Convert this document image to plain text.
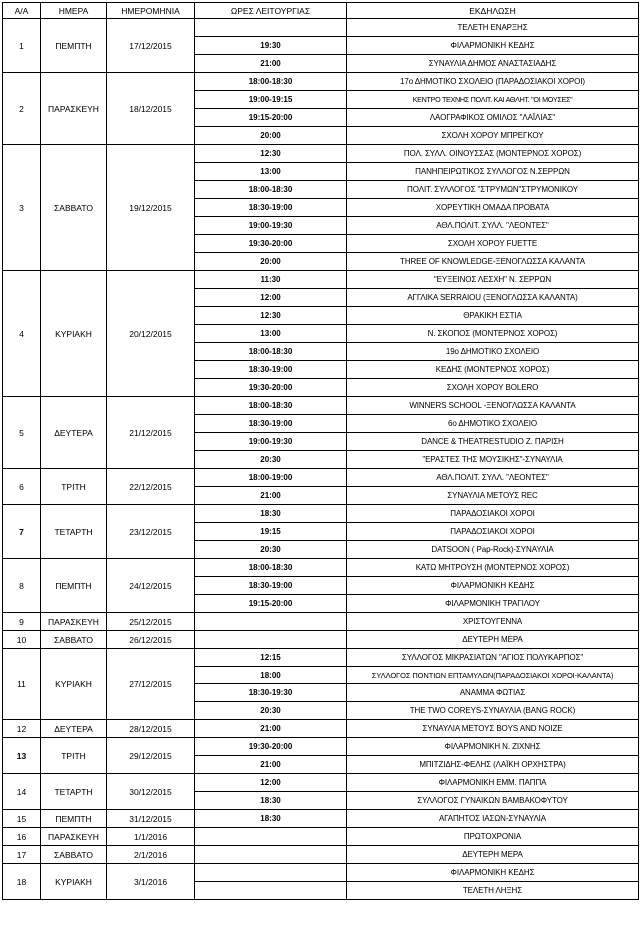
Α/Α	ΗΜΕΡΑ	ΗΜΕΡΟΜΗΝΙΑ	ΩΡΕΣ ΛΕΙΤΟΥΡΓΙΑΣ	ΕΚΔΗΛΩΣΗ
1	ΠΕΜΠΤΗ	17/12/2015		ΤΕΛΕΤΗ ΕΝΑΡΞΗΣ
			19:30	ΦΙΛΑΡΜΟΝΙΚΗ ΚΕΔΗΣ
			21:00	ΣΥΝΑΥΛΙΑ ΔΗΜΟΣ ΑΝΑΣΤΑΣΙΑΔΗΣ
2	ΠΑΡΑΣΚΕΥΗ	18/12/2015	18:00-18:30	17ο ΔΗΜΟΤΙΚΟ ΣΧΟΛΕΙΟ (ΠΑΡΑΔΟΣΙΑΚΟΙ ΧΟΡΟΙ)
			19:00-19:15	ΚΕΝΤΡΟ ΤΕΧΝΗΣ ΠΟΛΙΤ. ΚΑΙ ΑΘΛΗΤ. "ΟΙ ΜΟΥΣΕΣ"
			19:15-20:00	ΛΑΟΓΡΑΦΙΚΟΣ ΟΜΙΛΟΣ "ΛΑΪΛΙΑΣ"
			20:00	ΣΧΟΛΗ ΧΟΡΟΥ ΜΠΡΕΓΚΟΥ
3	ΣΑΒΒΑΤΟ	19/12/2015	12:30	ΠΟΛ. ΣΥΛΛ. ΟΙΝΟΥΣΣΑΣ (ΜΟΝΤΕΡΝΟΣ ΧΟΡΟΣ)
			13:00	ΠΑΝΗΠΕΙΡΩΤΙΚΟΣ ΣΥΛΛΟΓΟΣ Ν.ΣΕΡΡΩΝ
			18:00-18:30	ΠΟΛΙΤ. ΣΥΛΛΟΓΟΣ "ΣΤΡΥΜΩΝ"ΣΤΡΥΜΟΝΙΚΟΥ
			18:30-19:00	ΧΟΡΕΥΤΙΚΗ ΟΜΑΔΑ ΠΡΟΒΑΤΑ
			19:00-19:30	ΑΘΛ.ΠΟΛΙΤ. ΣΥΛΛ. "ΛΕΟΝΤΕΣ"
			19:30-20:00	ΣΧΟΛΗ ΧΟΡΟΥ FUETTE
			20:00	THREE OF KNOWLEDGE-ΞΕΝΟΓΛΩΣΣΑ ΚΑΛΑΝΤΑ
4	ΚΥΡΙΑΚΗ	20/12/2015	11:30	"ΕΥΞΕΙΝΟΣ ΛΕΣΧΗ" Ν. ΣΕΡΡΩΝ
			12:00	ΑΓΓΛΙΚΑ SERRAIOU (ΞΕΝΟΓΛΩΣΣΑ ΚΑΛΑΝΤΑ)
			12:30	ΘΡΑΚΙΚΗ ΕΣΤΙΑ
			13:00	Ν. ΣΚΟΠΟΣ (ΜΟΝΤΕΡΝΟΣ ΧΟΡΟΣ)
			18:00-18:30	19ο ΔΗΜΟΤΙΚΟ ΣΧΟΛΕΙΟ
			18:30-19:00	ΚΕΔΗΣ (ΜΟΝΤΕΡΝΟΣ ΧΟΡΟΣ)
			19:30-20:00	ΣΧΟΛΗ ΧΟΡΟΥ BOLERO
5	ΔΕΥΤΕΡΑ	21/12/2015	18:00-18:30	WINNERS SCHOOL -ΞΕΝΟΓΛΩΣΣΑ ΚΑΛΑΝΤΑ
			18:30-19:00	6ο ΔΗΜΟΤΙΚΟ ΣΧΟΛΕΙΟ
			19:00-19:30	DANCE & THEATRESTUDIO Ζ. ΠΑΡΙΣΗ
			20:30	"ΕΡΑΣΤΕΣ ΤΗΣ ΜΟΥΣΙΚΗΣ"-ΣΥΝΑΥΛΙΑ
6	ΤΡΙΤΗ	22/12/2015	18:00-19:00	ΑΘΛ.ΠΟΛΙΤ. ΣΥΛΛ. "ΛΕΟΝΤΕΣ"
			21:00	ΣΥΝΑΥΛΙΑ ΜΕΤΟΥΣ REC
7	ΤΕΤΑΡΤΗ	23/12/2015	18:30	ΠΑΡΑΔΟΣΙΑΚΟΙ ΧΟΡΟΙ
			19:15	ΠΑΡΑΔΟΣΙΑΚΟΙ ΧΟΡΟΙ
			20:30	DATSOON ( Pap-Rock)-ΣΥΝΑΥΛΙΑ
8	ΠΕΜΠΤΗ	24/12/2015	18:00-18:30	ΚΑΤΩ ΜΗΤΡΟΥΣΗ (ΜΟΝΤΕΡΝΟΣ ΧΟΡΟΣ)
			18:30-19:00	ΦΙΛΑΡΜΟΝΙΚΗ ΚΕΔΗΣ
			19:15-20:00	ΦΙΛΑΡΜΟΝΙΚΗ ΤΡΑΓΙΛΟΥ
9	ΠΑΡΑΣΚΕΥΗ	25/12/2015		ΧΡΙΣΤΟΥΓΕΝΝΑ
10	ΣΑΒΒΑΤΟ	26/12/2015		ΔΕΥΤΕΡΗ ΜΕΡΑ
11	ΚΥΡΙΑΚΗ	27/12/2015	12:15	ΣΥΛΛΟΓΟΣ ΜΙΚΡΑΣΙΑΤΩΝ "ΑΓΙΟΣ ΠΟΛΥΚΑΡΠΟΣ"
			18:00	ΣΥΛΛΟΓΟΣ ΠΟΝΤΙΩΝ ΕΠΤΑΜΥΛΩΝ(ΠΑΡΑΔΟΣΙΑΚΟΙ ΧΟΡΟΙ-ΚΑΛΑΝΤΑ)
			18:30-19:30	ΑΝΑΜΜΑ ΦΩΤΙΑΣ
			20:30	THE TWO COREYS-ΣΥΝΑΥΛΙΑ (BANG ROCK)
12	ΔΕΥΤΕΡΑ	28/12/2015	21:00	ΣΥΝΑΥΛΙΑ ΜΕΤΟΥΣ BOYS AND NOIZE
13	ΤΡΙΤΗ	29/12/2015	19:30-20:00	ΦΙΛΑΡΜΟΝΙΚΗ Ν. ΖΙΧΝΗΣ
			21:00	ΜΠΙΤΖΙΔΗΣ-ΦΕΛΗΣ (ΛΑΪΚΗ ΟΡΧΗΣΤΡΑ)
14	ΤΕΤΑΡΤΗ	30/12/2015	12:00	ΦΙΛΑΡΜΟΝΙΚΗ ΕΜΜ. ΠΑΠΠΑ
			18:30	ΣΥΛΛΟΓΟΣ ΓΥΝΑΙΚΩΝ ΒΑΜΒΑΚΟΦΥΤΟΥ
15	ΠΕΜΠΤΗ	31/12/2015	18:30	ΑΓΑΠΗΤΟΣ ΙΑΣΩΝ-ΣΥΝΑΥΛΙΑ
16	ΠΑΡΑΣΚΕΥΗ	1/1/2016		ΠΡΩΤΟΧΡΟΝΙΑ
17	ΣΑΒΒΑΤΟ	2/1/2016		ΔΕΥΤΕΡΗ ΜΕΡΑ
18	ΚΥΡΙΑΚΗ	3/1/2016		ΦΙΛΑΡΜΟΝΙΚΗ ΚΕΔΗΣ
				ΤΕΛΕΤΗ ΛΗΞΗΣ
